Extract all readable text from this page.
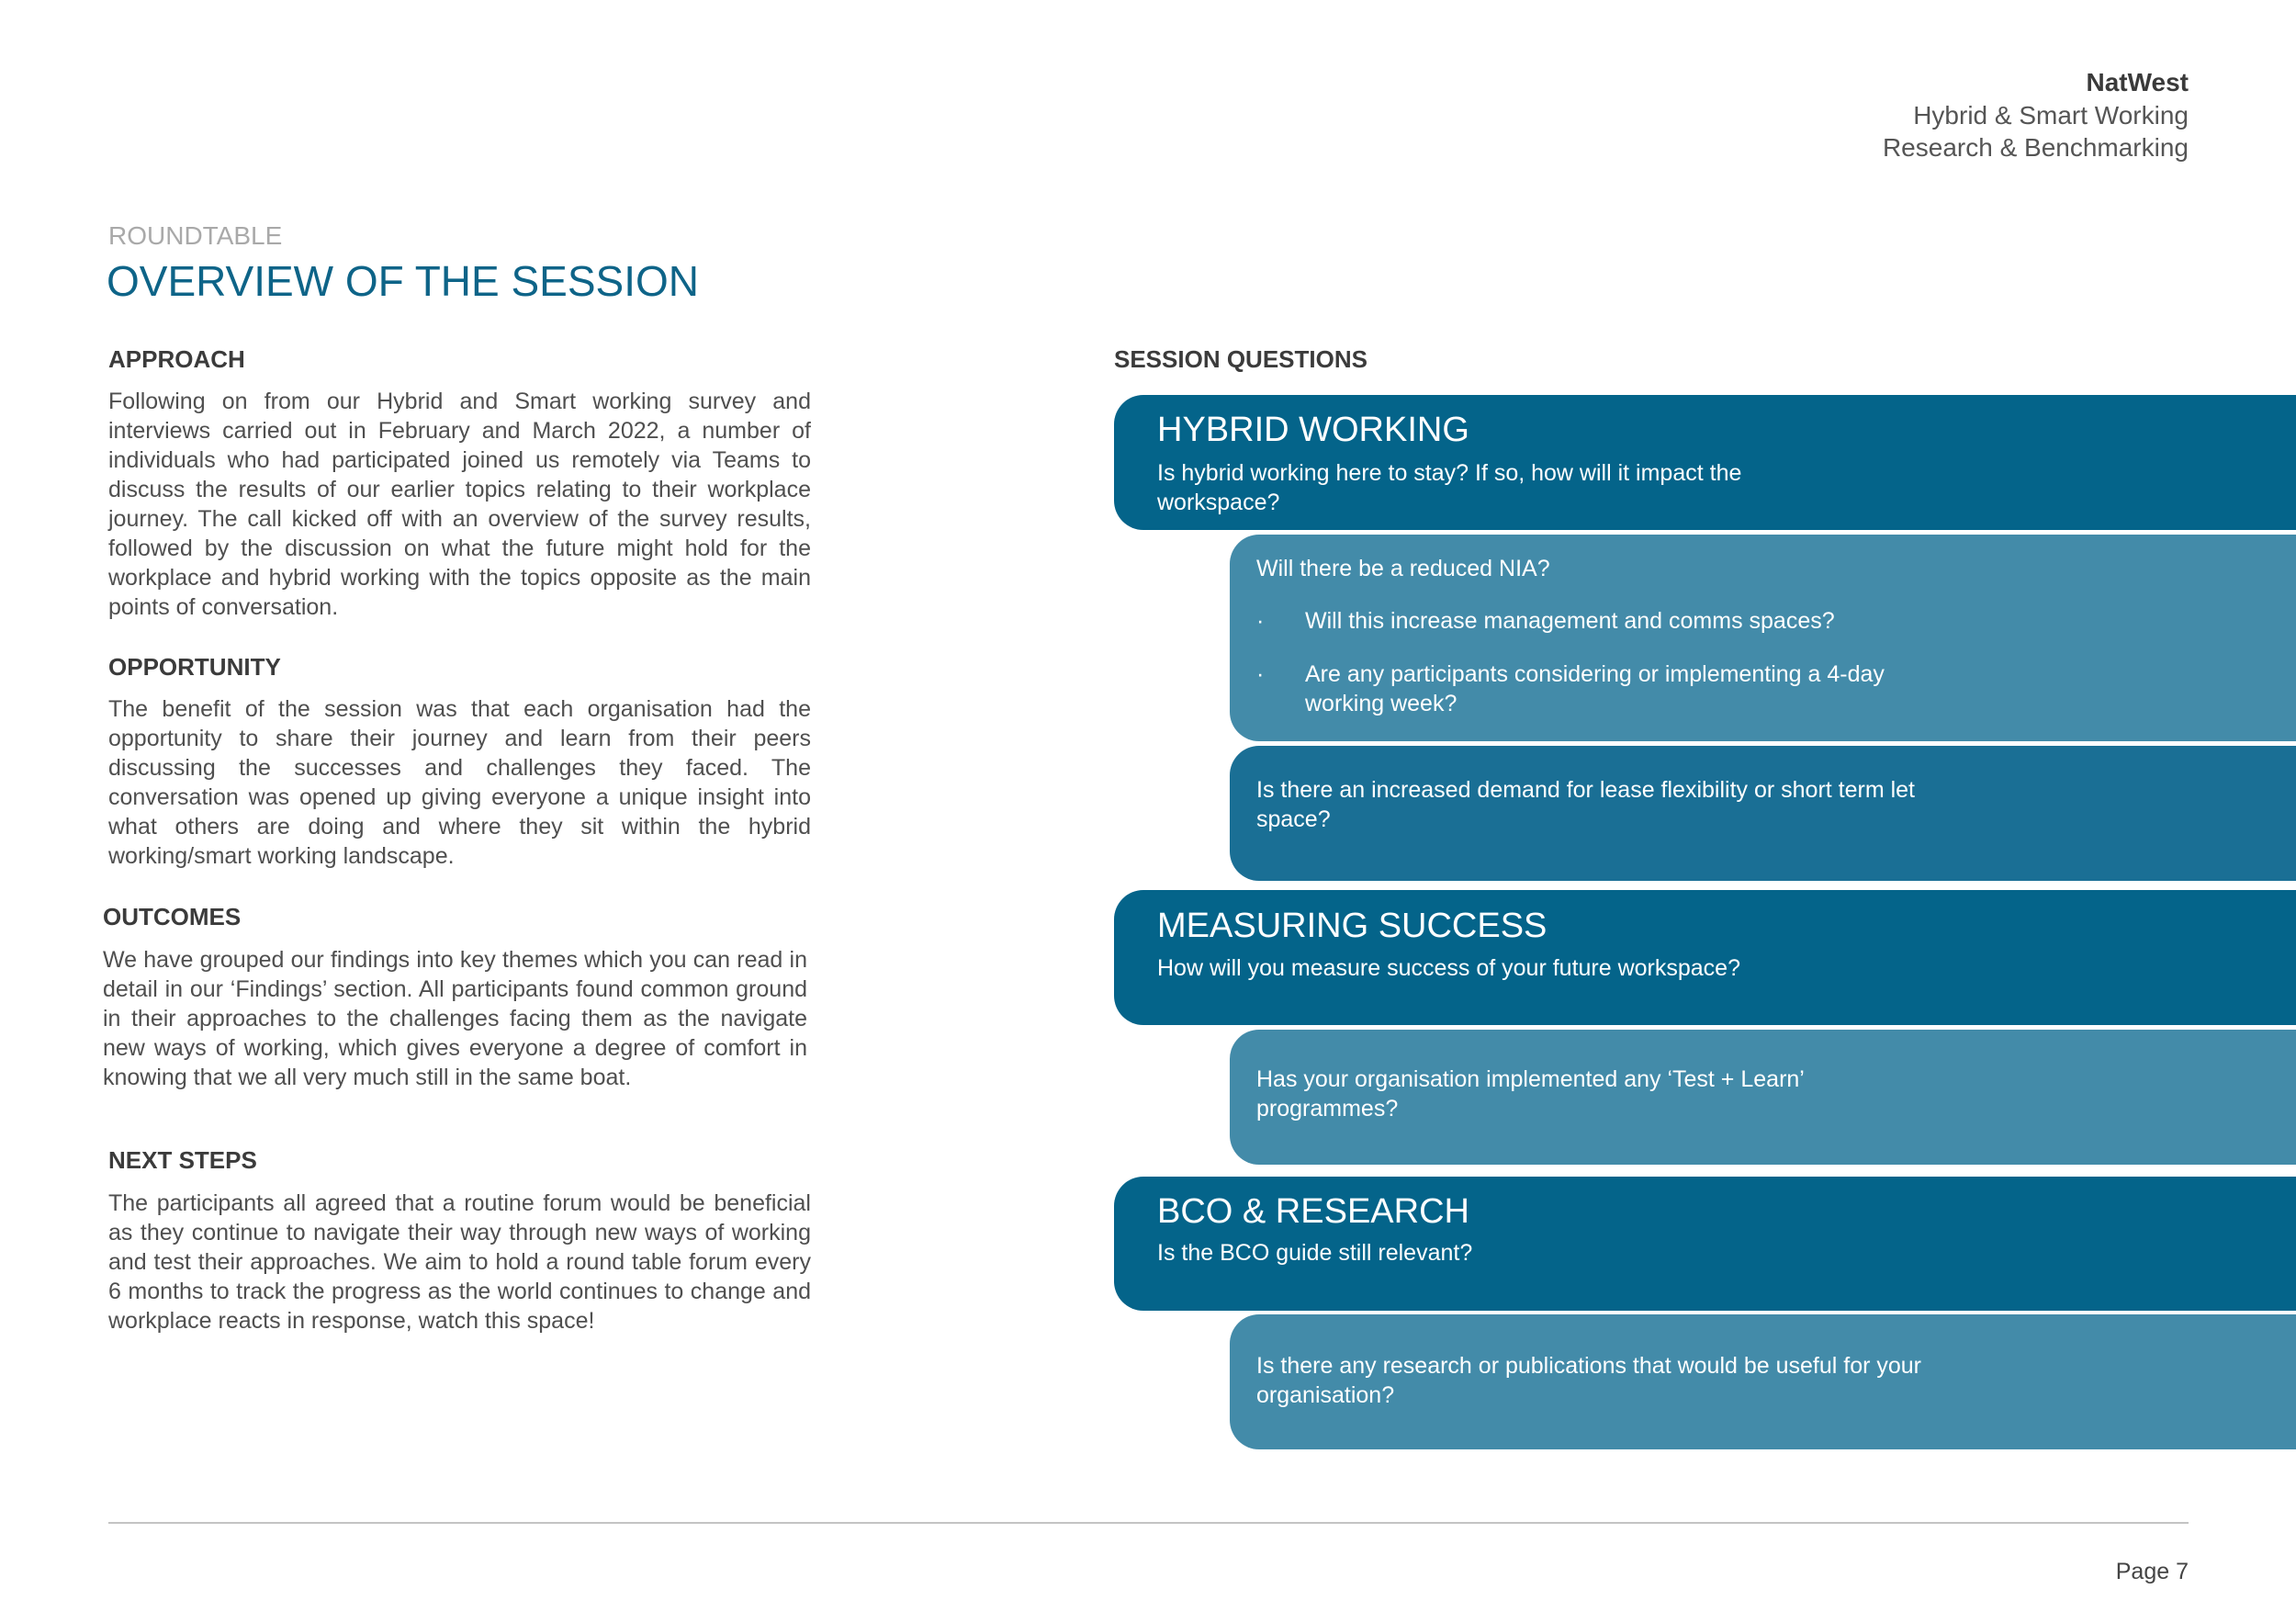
NatWest
Hybrid & Smart Working
Research & Benchmarking
ROUNDTABLE
OVERVIEW OF THE SESSION
APPROACH
Following on from our Hybrid and Smart working survey and interviews carried out in February and March 2022, a number of individuals who had participated joined us remotely via Teams to discuss the results of our earlier topics relating to their workplace journey. The call kicked off with an overview of the survey results, followed by the discussion on what the future might hold for the workplace and hybrid working with the topics opposite as the main points of conversation.
OPPORTUNITY
The benefit of the session was that each organisation had the opportunity to share their journey and learn from their peers discussing the successes and challenges they faced. The conversation was opened up giving everyone a unique insight into what others are doing and where they sit within the hybrid working/smart working landscape.
OUTCOMES
We have grouped our findings into key themes which you can read in detail in our ‘Findings’ section. All participants found common ground in their approaches to the challenges facing them as the navigate new ways of working, which gives everyone a degree of comfort in knowing that we all very much still in the same boat.
NEXT STEPS
The participants all agreed that a routine forum would be beneficial as they continue to navigate their way through new ways of working and test their approaches. We aim to hold a round table forum every 6 months to track the progress as the world continues to change and workplace reacts in response, watch this space!
SESSION QUESTIONS
HYBRID WORKING
Is hybrid working here to stay? If so, how will it impact the
workspace?
Will there be a reduced NIA?
· Will this increase management and comms spaces?
· Are any participants considering or implementing a 4-day
working week?
Is there an increased demand for lease flexibility or short term let
space?
MEASURING SUCCESS
How will you measure success of your future workspace?
Has your organisation implemented any ‘Test + Learn’
programmes?
BCO & RESEARCH
Is the BCO guide still relevant?
Is there any research or publications that would be useful for your
organisation?
Page 7
